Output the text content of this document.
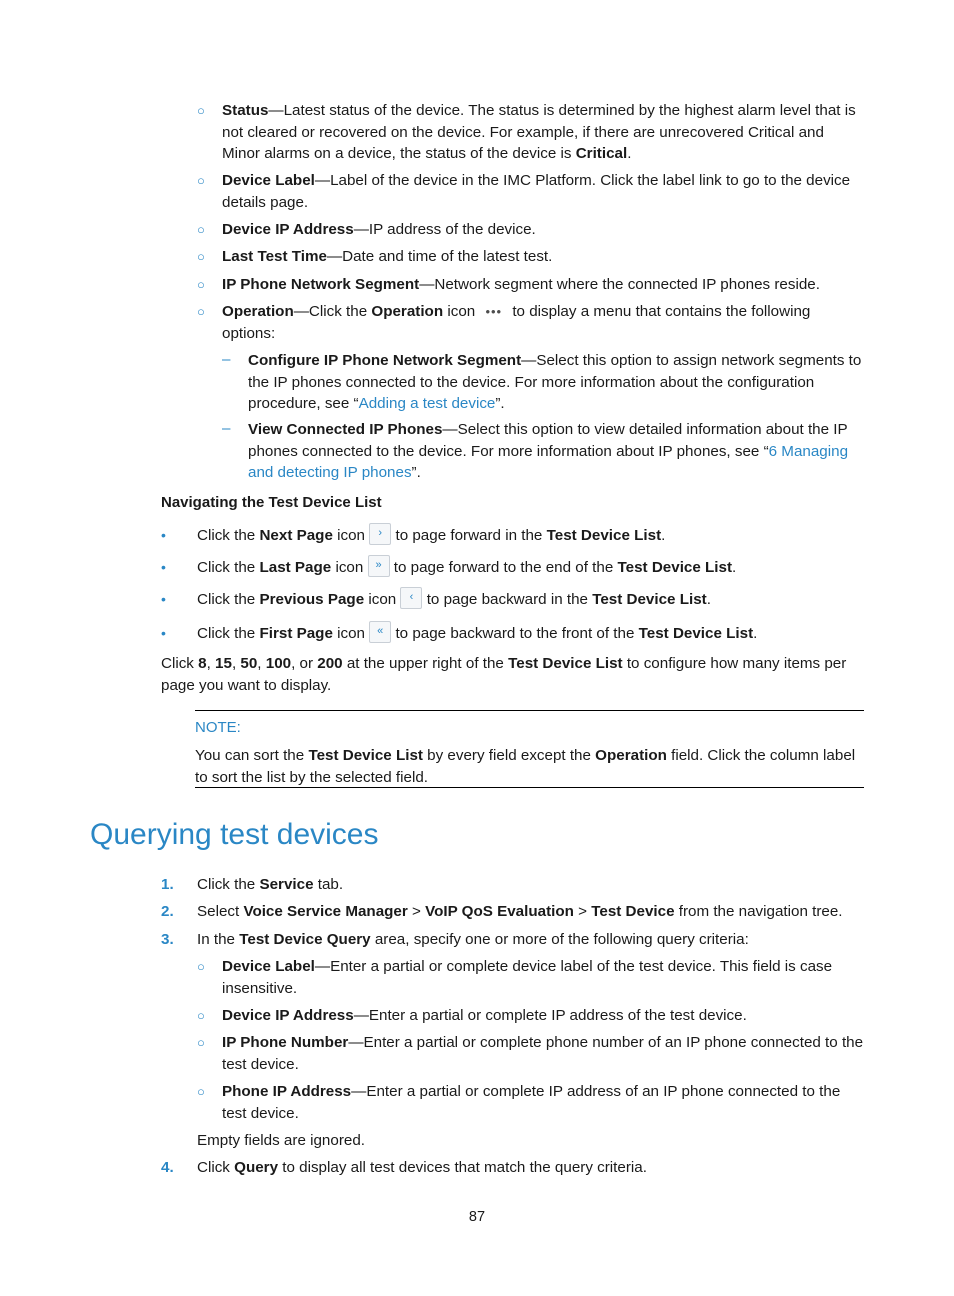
○ Status—Latest status of the device. The status is determined by the highest alarm level that is not cleared or recovered on the device. For example, if there are unrecovered Critical and Minor alarms on a device, the status of the device is Critical.
○ Device Label—Label of the device in the IMC Platform. Click the label link to go to the device details page.
○ Device IP Address—IP address of the device.
○ Last Test Time—Date and time of the latest test.
○ IP Phone Network Segment—Network segment where the connected IP phones reside.
○ Operation—Click the Operation icon ••• to display a menu that contains the following options:
– Configure IP Phone Network Segment—Select this option to assign network segments to the IP phones connected to the device. For more information about the configuration procedure, see “Adding a test device”.
– View Connected IP Phones—Select this option to view detailed information about the IP phones connected to the device. For more information about IP phones, see “6 Managing and detecting IP phones”.
Navigating the Test Device List
• Click the Next Page icon › to page forward in the Test Device List.
• Click the Last Page icon » to page forward to the end of the Test Device List.
• Click the Previous Page icon ‹ to page backward in the Test Device List.
• Click the First Page icon « to page backward to the front of the Test Device List.
Click 8, 15, 50, 100, or 200 at the upper right of the Test Device List to configure how many items per page you want to display.
NOTE:
You can sort the Test Device List by every field except the Operation field. Click the column label to sort the list by the selected field.
Querying test devices
1. Click the Service tab.
2. Select Voice Service Manager > VoIP QoS Evaluation > Test Device from the navigation tree.
3. In the Test Device Query area, specify one or more of the following query criteria:
○ Device Label—Enter a partial or complete device label of the test device. This field is case insensitive.
○ Device IP Address—Enter a partial or complete IP address of the test device.
○ IP Phone Number—Enter a partial or complete phone number of an IP phone connected to the test device.
○ Phone IP Address—Enter a partial or complete IP address of an IP phone connected to the test device.
Empty fields are ignored.
4. Click Query to display all test devices that match the query criteria.
87
